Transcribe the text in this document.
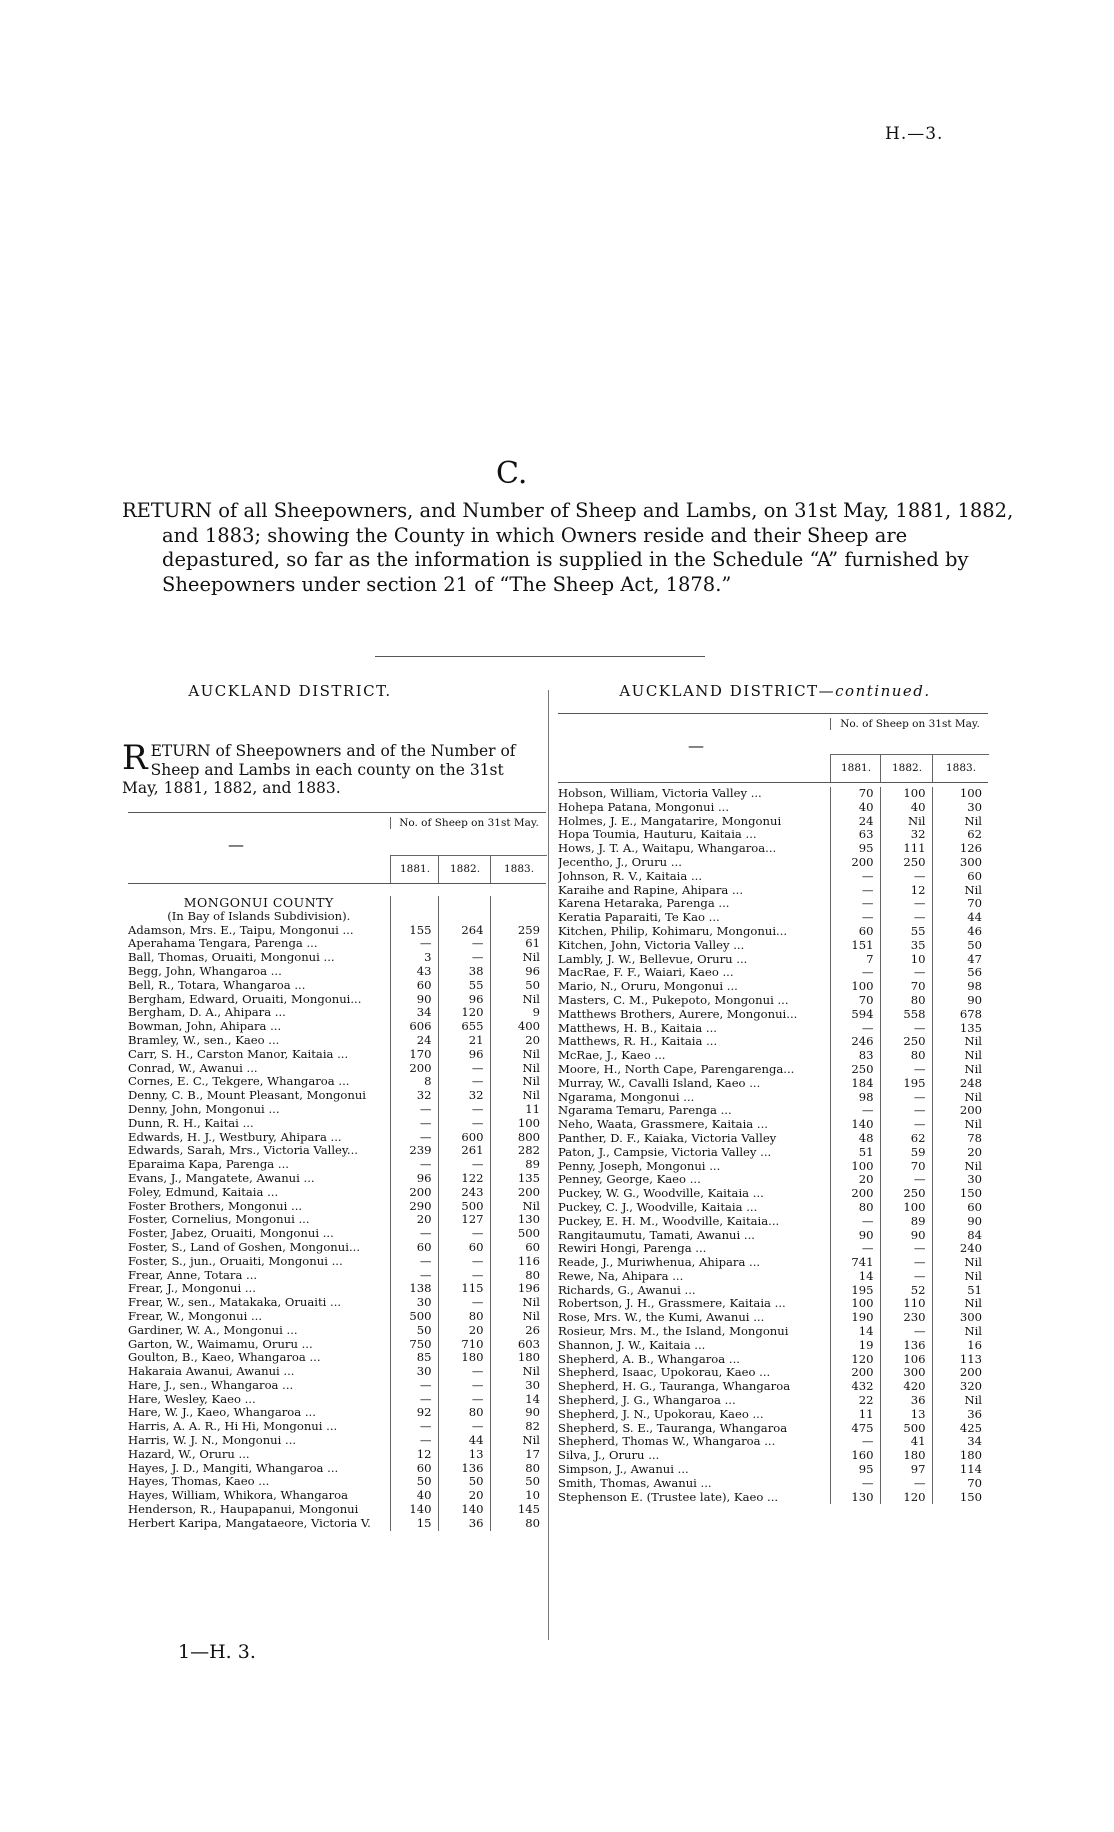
H.—3.
C.
RETURN of all Sheepowners, and Number of Sheep and Lambs, on 31st May, 1881, 1882, and 1883; showing the County in which Owners reside and their Sheep are depastured, so far as the information is supplied in the Schedule “A” furnished by Sheepowners under section 21 of “The Sheep Act, 1878.”
AUCKLAND DISTRICT.
RETURN of Sheepowners and of the Number of Sheep and Lambs in each county on the 31st May, 1881, 1882, and 1883.
—
No. of Sheep on 31st May.
1881.	1882.	1883.
MONGONUI COUNTY			
(In Bay of Islands Subdivision).			
Adamson, Mrs. E., Taipu, Mongonui ...	155	264	259
Aperahama Tengara, Parenga ...	—	—	61
Ball, Thomas, Oruaiti, Mongonui ...	3	—	Nil
Begg, John, Whangaroa ...	43	38	96
Bell, R., Totara, Whangaroa ...	60	55	50
Bergham, Edward, Oruaiti, Mongonui...	90	96	Nil
Bergham, D. A., Ahipara ...	34	120	9
Bowman, John, Ahipara ...	606	655	400
Bramley, W., sen., Kaeo ...	24	21	20
Carr, S. H., Carston Manor, Kaitaia ...	170	96	Nil
Conrad, W., Awanui ...	200	—	Nil
Cornes, E. C., Tekgere, Whangaroa ...	8	—	Nil
Denny, C. B., Mount Pleasant, Mongonui	32	32	Nil
Denny, John, Mongonui ...	—	—	11
Dunn, R. H., Kaitai ...	—	—	100
Edwards, H. J., Westbury, Ahipara ...	—	600	800
Edwards, Sarah, Mrs., Victoria Valley...	239	261	282
Eparaima Kapa, Parenga ...	—	—	89
Evans, J., Mangatete, Awanui ...	96	122	135
Foley, Edmund, Kaitaia ...	200	243	200
Foster Brothers, Mongonui ...	290	500	Nil
Foster, Cornelius, Mongonui ...	20	127	130
Foster, Jabez, Oruaiti, Mongonui ...	—	—	500
Foster, S., Land of Goshen, Mongonui...	60	60	60
Foster, S., jun., Oruaiti, Mongonui ...	—	—	116
Frear, Anne, Totara ...	—	—	80
Frear, J., Mongonui ...	138	115	196
Frear, W., sen., Matakaka, Oruaiti ...	30	—	Nil
Frear, W., Mongonui ...	500	80	Nil
Gardiner, W. A., Mongonui ...	50	20	26
Garton, W., Waimamu, Oruru ...	750	710	603
Goulton, B., Kaeo, Whangaroa ...	85	180	180
Hakaraia Awanui, Awanui ...	30	—	Nil
Hare, J., sen., Whangaroa ...	—	—	30
Hare, Wesley, Kaeo ...	—	—	14
Hare, W. J., Kaeo, Whangaroa ...	92	80	90
Harris, A. A. R., Hi Hi, Mongonui ...	—	—	82
Harris, W. J. N., Mongonui ...	—	44	Nil
Hazard, W., Oruru ...	12	13	17
Hayes, J. D., Mangiti, Whangaroa ...	60	136	80
Hayes, Thomas, Kaeo ...	50	50	50
Hayes, William, Whikora, Whangaroa	40	20	10
Henderson, R., Haupapanui, Mongonui	140	140	145
Herbert Karipa, Mangataeore, Victoria V.	15	36	80
AUCKLAND DISTRICT—continued.
—
No. of Sheep on 31st May.
1881.	1882.	1883.
Hobson, William, Victoria Valley ...	70	100	100
Hohepa Patana, Mongonui ...	40	40	30
Holmes, J. E., Mangatarire, Mongonui	24	Nil	Nil
Hopa Toumia, Hauturu, Kaitaia ...	63	32	62
Hows, J. T. A., Waitapu, Whangaroa...	95	111	126
Jecentho, J., Oruru ...	200	250	300
Johnson, R. V., Kaitaia ...	—	—	60
Karaihe and Rapine, Ahipara ...	—	12	Nil
Karena Hetaraka, Parenga ...	—	—	70
Keratia Paparaiti, Te Kao ...	—	—	44
Kitchen, Philip, Kohimaru, Mongonui...	60	55	46
Kitchen, John, Victoria Valley ...	151	35	50
Lambly, J. W., Bellevue, Oruru ...	7	10	47
MacRae, F. F., Waiari, Kaeo ...	—	—	56
Mario, N., Oruru, Mongonui ...	100	70	98
Masters, C. M., Pukepoto, Mongonui ...	70	80	90
Matthews Brothers, Aurere, Mongonui...	594	558	678
Matthews, H. B., Kaitaia ...	—	—	135
Matthews, R. H., Kaitaia ...	246	250	Nil
McRae, J., Kaeo ...	83	80	Nil
Moore, H., North Cape, Parengarenga...	250	—	Nil
Murray, W., Cavalli Island, Kaeo ...	184	195	248
Ngarama, Mongonui ...	98	—	Nil
Ngarama Temaru, Parenga ...	—	—	200
Neho, Waata, Grassmere, Kaitaia ...	140	—	Nil
Panther, D. F., Kaiaka, Victoria Valley	48	62	78
Paton, J., Campsie, Victoria Valley ...	51	59	20
Penny, Joseph, Mongonui ...	100	70	Nil
Penney, George, Kaeo ...	20	—	30
Puckey, W. G., Woodville, Kaitaia ...	200	250	150
Puckey, C. J., Woodville, Kaitaia ...	80	100	60
Puckey, E. H. M., Woodville, Kaitaia...	—	89	90
Rangitaumutu, Tamati, Awanui ...	90	90	84
Rewiri Hongi, Parenga ...	—	—	240
Reade, J., Muriwhenua, Ahipara ...	741	—	Nil
Rewe, Na, Ahipara ...	14	—	Nil
Richards, G., Awanui ...	195	52	51
Robertson, J. H., Grassmere, Kaitaia ...	100	110	Nil
Rose, Mrs. W., the Kumi, Awanui ...	190	230	300
Rosieur, Mrs. M., the Island, Mongonui	14	—	Nil
Shannon, J. W., Kaitaia ...	19	136	16
Shepherd, A. B., Whangaroa ...	120	106	113
Shepherd, Isaac, Upokorau, Kaeo ...	200	300	200
Shepherd, H. G., Tauranga, Whangaroa	432	420	320
Shepherd, J. G., Whangaroa ...	22	36	Nil
Shepherd, J. N., Upokorau, Kaeo ...	11	13	36
Shepherd, S. E., Tauranga, Whangaroa	475	500	425
Shepherd, Thomas W., Whangaroa ...	—	41	34
Silva, J., Oruru ...	160	180	180
Simpson, J., Awanui ...	95	97	114
Smith, Thomas, Awanui ...	—	—	70
Stephenson E. (Trustee late), Kaeo ...	130	120	150
1—H. 3.
